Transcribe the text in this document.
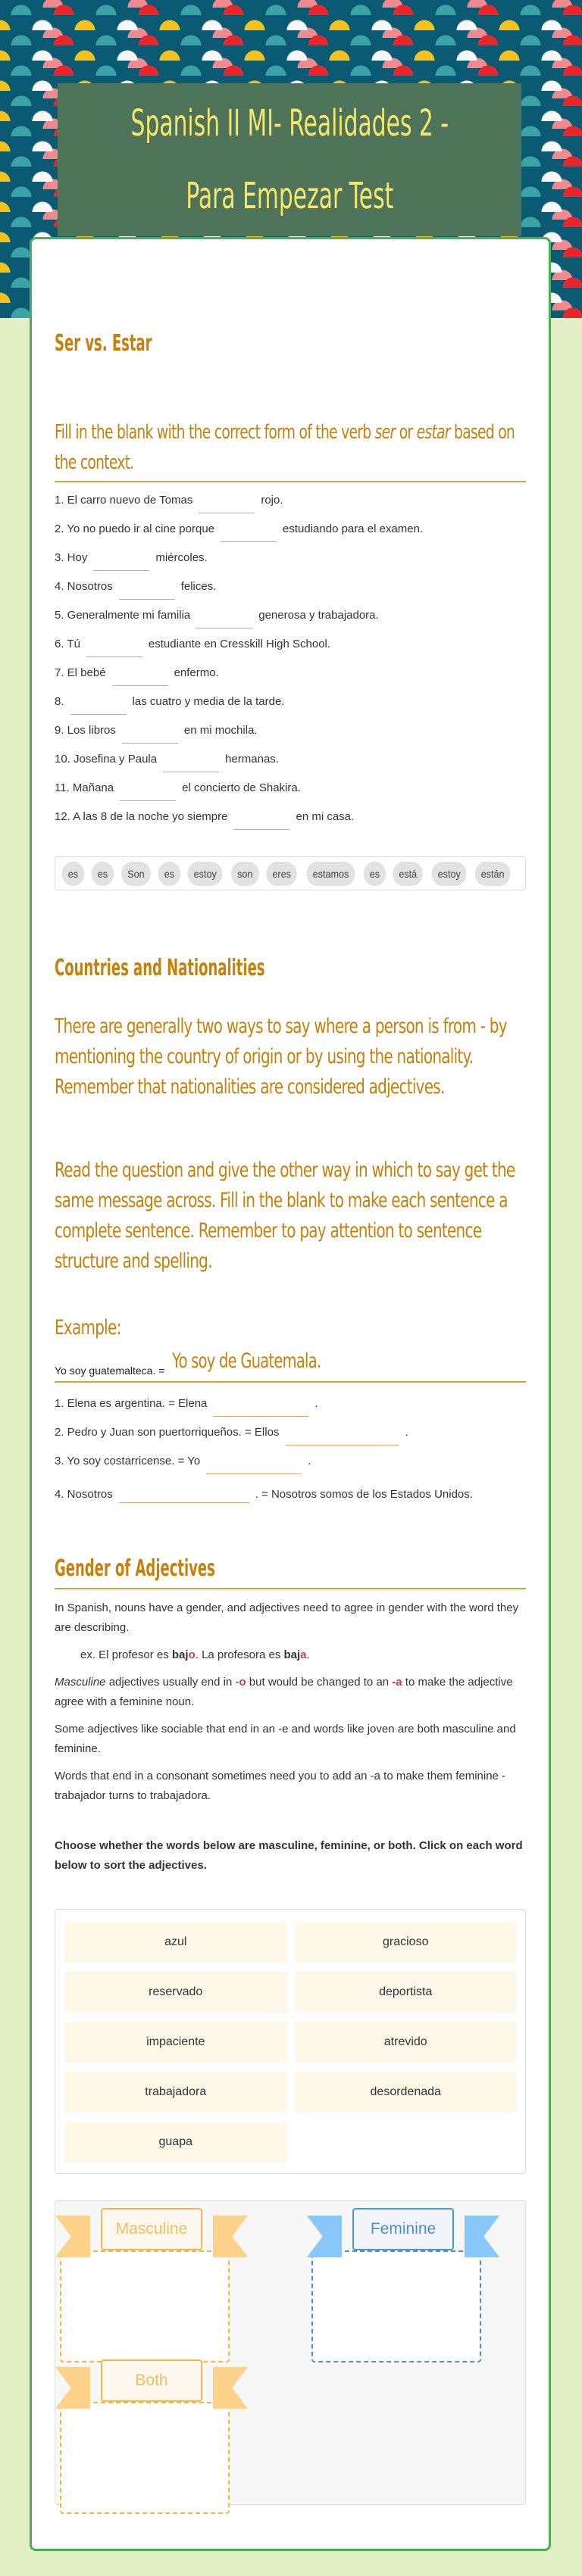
Spanish II MI- Realidades 2 -
Para Empezar Test
Ser vs. Estar
Fill in the blank with the correct form of the verb ser or estar based on the context.
1. El carro nuevo de Tomas	rojo.
2. Yo no puedo ir al cine porque	estudiando para el examen.
3. Hoy	miércoles.
4. Nosotros	felices.
5. Generalmente mi familia	generosa y trabajadora.
6. Tú	estudiante en Cresskill High School.
7. El bebé	enfermo.
8.	las cuatro y media de la tarde.
9. Los libros	en mi mochila.
10. Josefina y Paula	hermanas.
11. Mañana	el concierto de Shakira.
12. A las 8 de la noche yo siempre	en mi casa.
es	es	Son	es	estoy	son	eres	estamos	es	está	estoy	están
Countries and Nationalities
There are generally two ways to say where a person is from - by mentioning the country of origin or by using the nationality. Remember that nationalities are considered adjectives.
Read the question and give the other way in which to say get the same message across. Fill in the blank to make each sentence a complete sentence. Remember to pay attention to sentence structure and spelling.
Example:
Yo soy guatemalteca. = Yo soy de Guatemala.
1. Elena es argentina. = Elena	.
2. Pedro y Juan son puertorriqueños. = Ellos	.
3. Yo soy costarricense. = Yo	.
4. Nosotros	. = Nosotros somos de los Estados Unidos.
Gender of Adjectives

In Spanish, nouns have a gender, and adjectives need to agree in gender with the word they are describing.

ex. El profesor es bajo. La profesora es baja.

Masculine adjectives usually end in -o but would be changed to an -a to make the adjective agree with a feminine noun.

Some adjectives like sociable that end in an -e and words like joven are both masculine and feminine.

Words that end in a consonant sometimes need you to add an -a to make them feminine - trabajador turns to trabajadora.

Choose whether the words below are masculine, feminine, or both. Click on each word below to sort the adjectives.

azul	gracioso
reservado	deportista
impaciente	atrevido
trabajadora	desordenada
guapa
Masculine	Feminine
Both
